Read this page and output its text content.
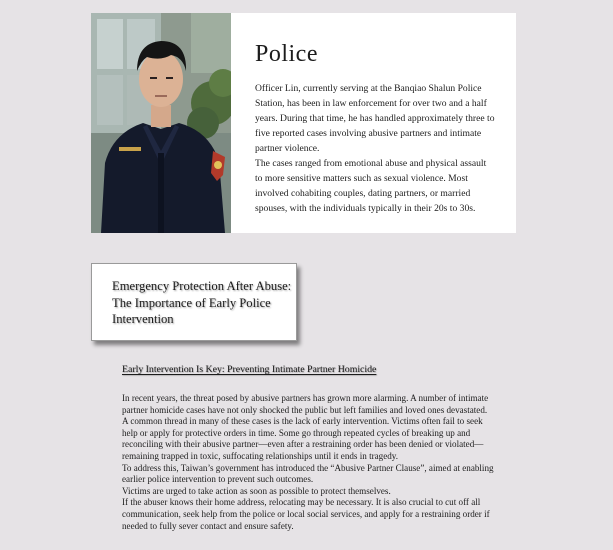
Police

Officer Lin, currently serving at the Banqiao Shalun Police Station, has been in law enforcement for over two and a half years. During that time, he has handled approximately three to five reported cases involving abusive partners and intimate partner violence.

The cases ranged from emotional abuse and physical assault to more sensitive matters such as sexual violence. Most involved cohabiting couples, dating partners, or married spouses, with the individuals typically in their 20s to 30s.

Emergency Protection After Abuse: The Importance of Early Police Intervention
Early Intervention Is Key: Preventing Intimate Partner Homicide

In recent years, the threat posed by abusive partners has grown more alarming. A number of intimate partner homicide cases have not only shocked the public but left families and loved ones devastated.

A common thread in many of these cases is the lack of early intervention. Victims often fail to seek help or apply for protective orders in time. Some go through repeated cycles of breaking up and reconciling with their abusive partner—even after a restraining order has been denied or violated—remaining trapped in toxic, suffocating relationships until it ends in tragedy.

To address this, Taiwan’s government has introduced the “Abusive Partner Clause”, aimed at enabling earlier police intervention to prevent such outcomes.

Victims are urged to take action as soon as possible to protect themselves.

If the abuser knows their home address, relocating may be necessary. It is also crucial to cut off all communication, seek help from the police or local social services, and apply for a restraining order if needed to fully sever contact and ensure safety.
